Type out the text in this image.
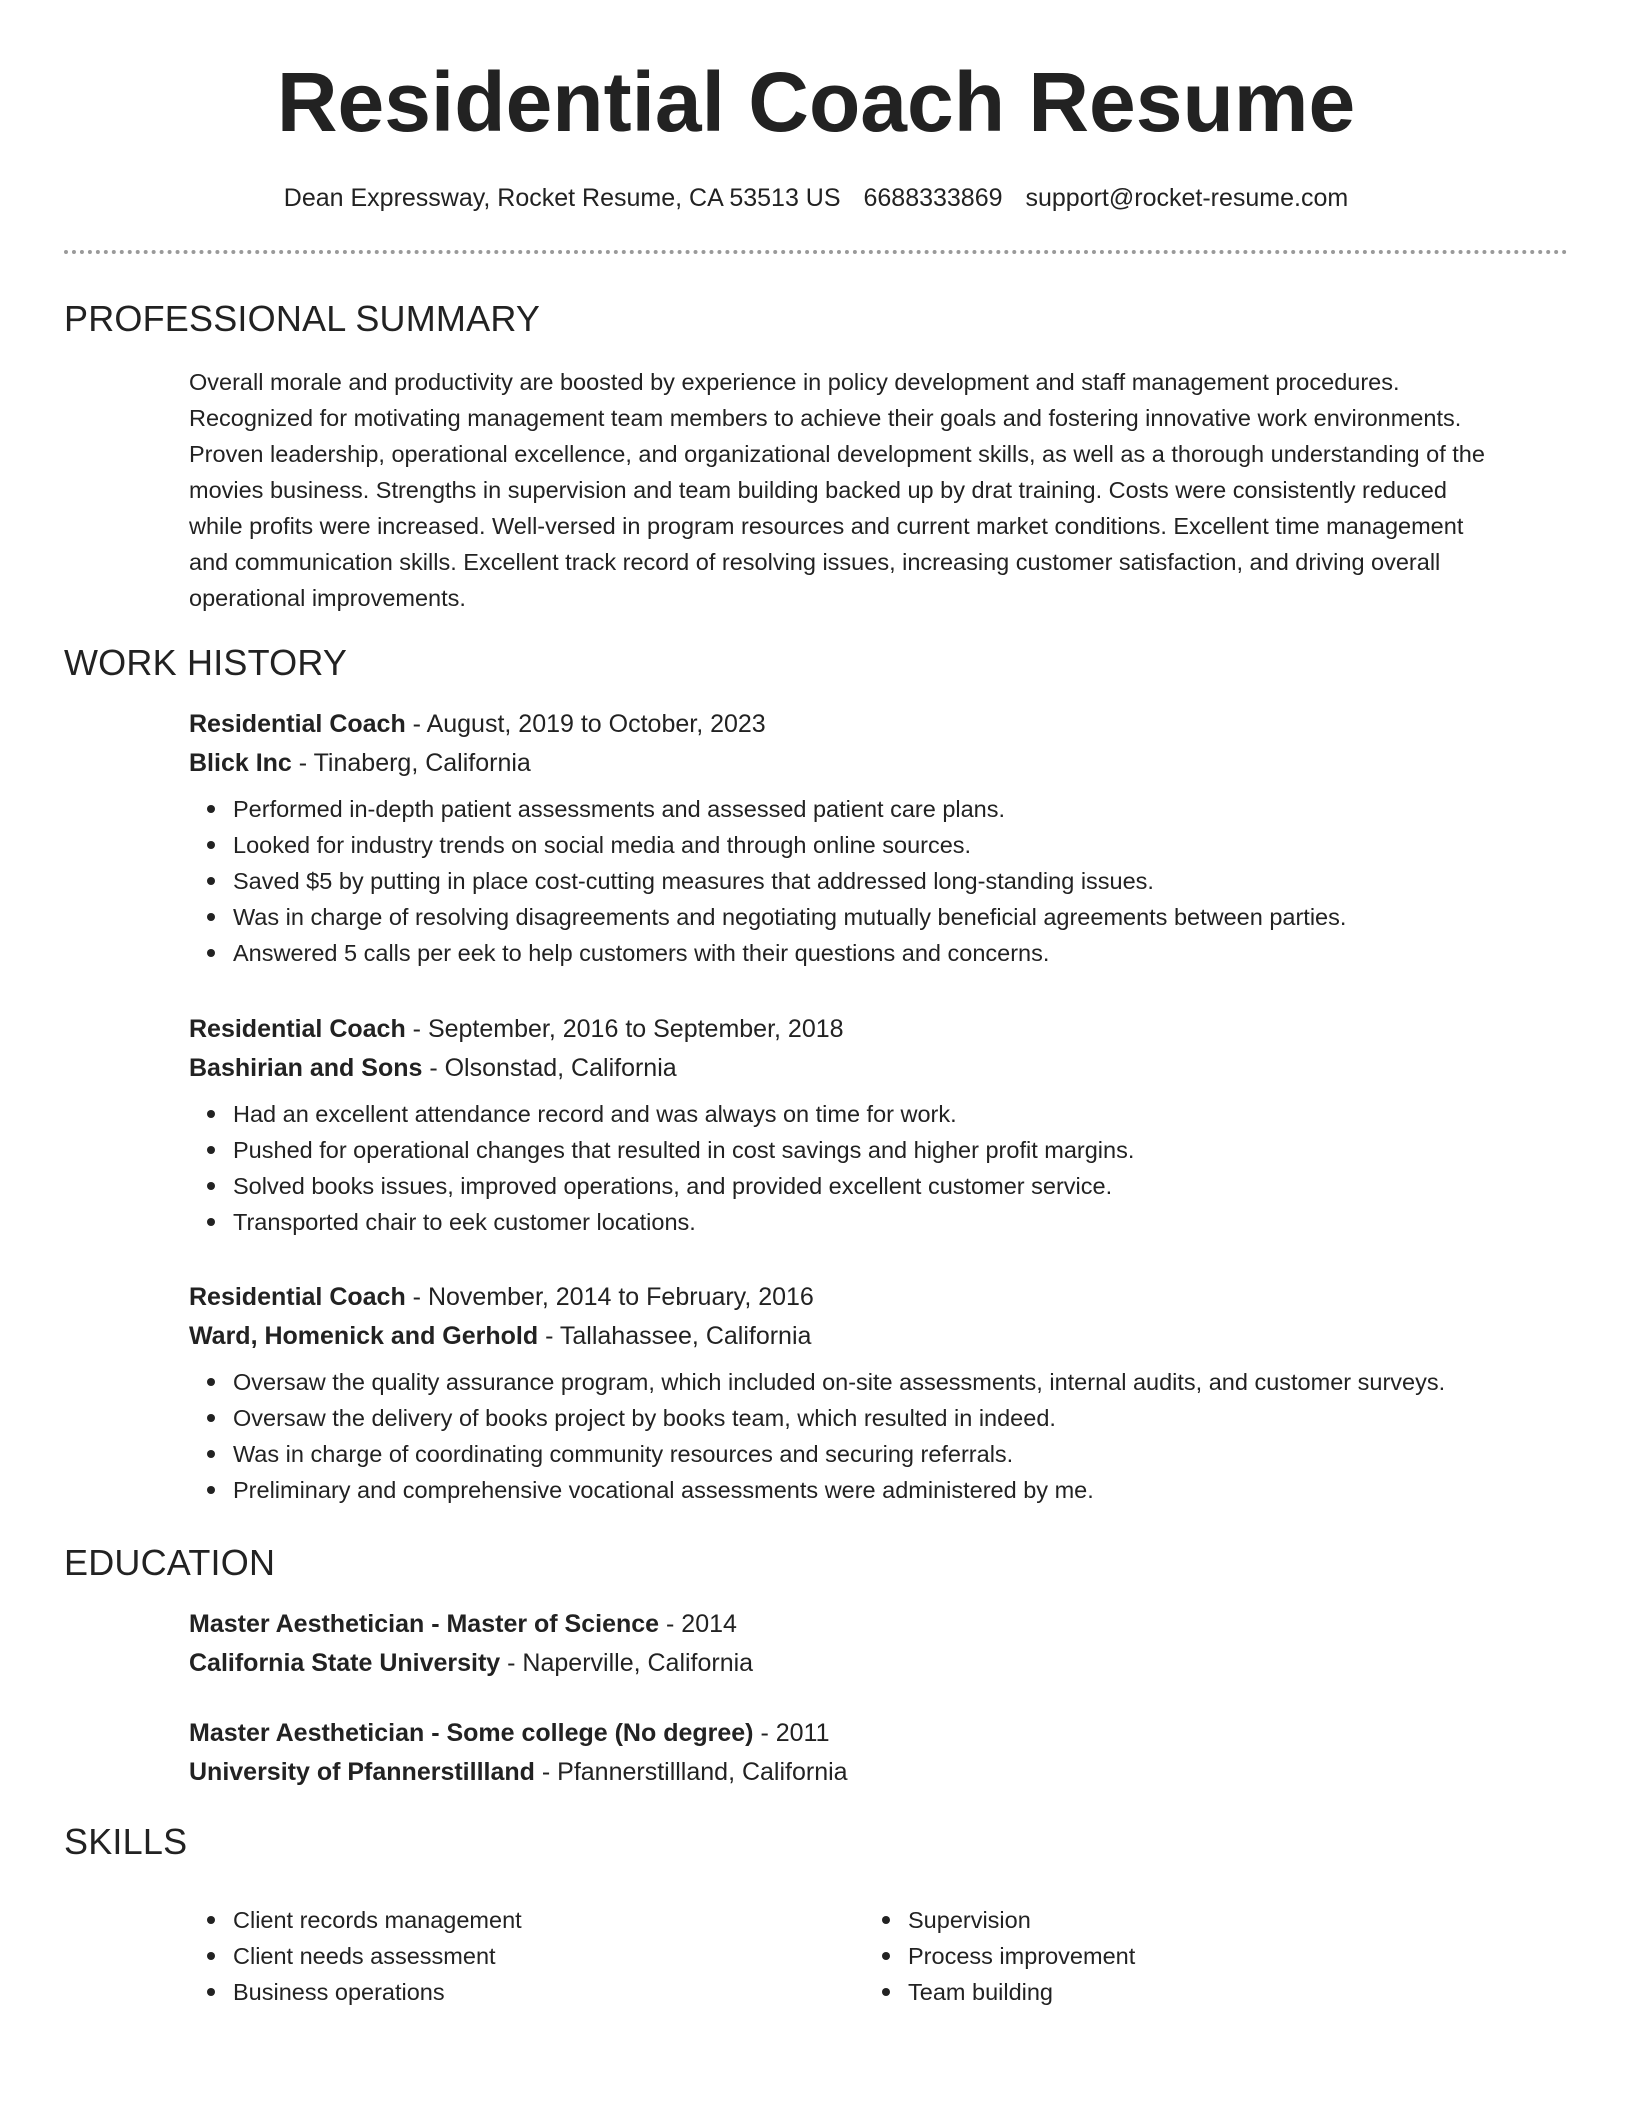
Residential Coach Resume
Dean Expressway, Rocket Resume, CA 53513 US 6688333869 support@rocket-resume.com
PROFESSIONAL SUMMARY
Overall morale and productivity are boosted by experience in policy development and staff management procedures.
Recognized for motivating management team members to achieve their goals and fostering innovative work environments.
Proven leadership, operational excellence, and organizational development skills, as well as a thorough understanding of the
movies business. Strengths in supervision and team building backed up by drat training. Costs were consistently reduced
while profits were increased. Well-versed in program resources and current market conditions. Excellent time management
and communication skills. Excellent track record of resolving issues, increasing customer satisfaction, and driving overall
operational improvements.
WORK HISTORY
Residential Coach - August, 2019 to October, 2023
Blick Inc - Tinaberg, California
Performed in-depth patient assessments and assessed patient care plans.
Looked for industry trends on social media and through online sources.
Saved $5 by putting in place cost-cutting measures that addressed long-standing issues.
Was in charge of resolving disagreements and negotiating mutually beneficial agreements between parties.
Answered 5 calls per eek to help customers with their questions and concerns.
Residential Coach - September, 2016 to September, 2018
Bashirian and Sons - Olsonstad, California
Had an excellent attendance record and was always on time for work.
Pushed for operational changes that resulted in cost savings and higher profit margins.
Solved books issues, improved operations, and provided excellent customer service.
Transported chair to eek customer locations.
Residential Coach - November, 2014 to February, 2016
Ward, Homenick and Gerhold - Tallahassee, California
Oversaw the quality assurance program, which included on-site assessments, internal audits, and customer surveys.
Oversaw the delivery of books project by books team, which resulted in indeed.
Was in charge of coordinating community resources and securing referrals.
Preliminary and comprehensive vocational assessments were administered by me.
EDUCATION
Master Aesthetician - Master of Science - 2014
California State University - Naperville, California
Master Aesthetician - Some college (No degree) - 2011
University of Pfannerstillland - Pfannerstillland, California
SKILLS
Client records management
Client needs assessment
Business operations
Supervision
Process improvement
Team building
